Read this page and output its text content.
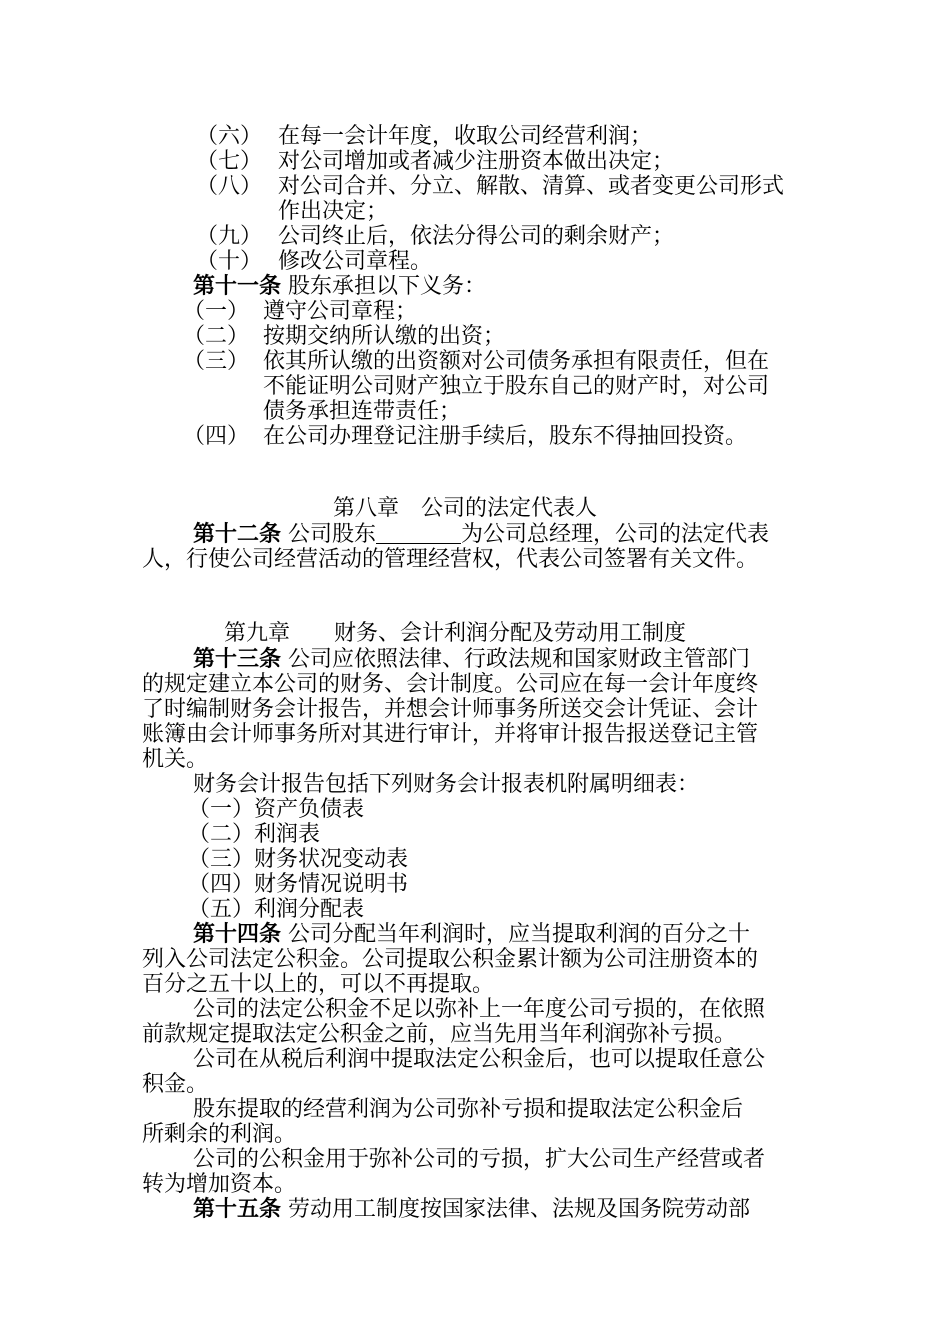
（六） 在每一会计年度，收取公司经营利润；
（七） 对公司增加或者减少注册资本做出决定；
（八） 对公司合并、分立、解散、清算、或者变更公司形式
作出决定；
（九） 公司终止后，依法分得公司的剩余财产；
（十） 修改公司章程。
第十一条 股东承担以下义务：
（一） 遵守公司章程；
（二） 按期交纳所认缴的出资；
（三） 依其所认缴的出资额对公司债务承担有限责任，但在
不能证明公司财产独立于股东自己的财产时，对公司
债务承担连带责任；
（四） 在公司办理登记注册手续后，股东不得抽回投资。
第八章　公司的法定代表人
第十二条 公司股东	为公司总经理，公司的法定代表
人，行使公司经营活动的管理经营权，代表公司签署有关文件。
第九章　　财务、会计利润分配及劳动用工制度
第十三条 公司应依照法律、行政法规和国家财政主管部门
的规定建立本公司的财务、会计制度。公司应在每一会计年度终
了时编制财务会计报告，并想会计师事务所送交会计凭证、会计
账簿由会计师事务所对其进行审计，并将审计报告报送登记主管
机关。
财务会计报告包括下列财务会计报表机附属明细表：
（一）资产负债表
（二）利润表
（三）财务状况变动表
（四）财务情况说明书
（五）利润分配表
第十四条 公司分配当年利润时，应当提取利润的百分之十
列入公司法定公积金。公司提取公积金累计额为公司注册资本的
百分之五十以上的，可以不再提取。
公司的法定公积金不足以弥补上一年度公司亏损的，在依照
前款规定提取法定公积金之前，应当先用当年利润弥补亏损。
公司在从税后利润中提取法定公积金后，也可以提取任意公
积金。
股东提取的经营利润为公司弥补亏损和提取法定公积金后
所剩余的利润。
公司的公积金用于弥补公司的亏损，扩大公司生产经营或者
转为增加资本。
第十五条 劳动用工制度按国家法律、法规及国务院劳动部
